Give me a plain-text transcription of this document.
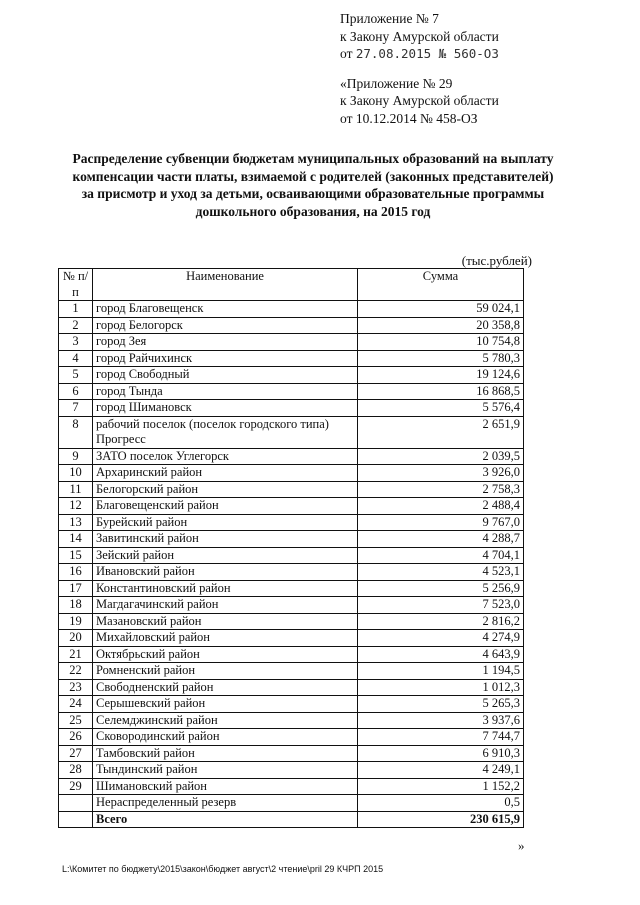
Приложение № 7
к Закону Амурской области
от 27.08.2015 № 560-ОЗ
«Приложение № 29
к Закону Амурской области
от 10.12.2014 № 458-ОЗ
Распределение субвенции бюджетам муниципальных образований на выплату компенсации части платы, взимаемой с родителей (законных представителей) за присмотр и уход за детьми, осваивающими образовательные программы дошкольного образования, на 2015 год
(тыс.рублей)
№ п/п	Наименование	Сумма
1	город Благовещенск	59 024,1
2	город Белогорск	20 358,8
3	город Зея	10 754,8
4	город Райчихинск	5 780,3
5	город Свободный	19 124,6
6	город Тында	16 868,5
7	город Шимановск	5 576,4
8	рабочий поселок (поселок городского типа) Прогресс	2 651,9
9	ЗАТО поселок Углегорск	2 039,5
10	Архаринский район	3 926,0
11	Белогорский район	2 758,3
12	Благовещенский район	2 488,4
13	Бурейский район	9 767,0
14	Завитинский район	4 288,7
15	Зейский район	4 704,1
16	Ивановский район	4 523,1
17	Константиновский район	5 256,9
18	Магдагачинский район	7 523,0
19	Мазановский район	2 816,2
20	Михайловский район	4 274,9
21	Октябрьский район	4 643,9
22	Ромненский район	1 194,5
23	Свободненский район	1 012,3
24	Серышевский район	5 265,3
25	Селемджинский район	3 937,6
26	Сковородинский район	7 744,7
27	Тамбовский район	6 910,3
28	Тындинский район	4 249,1
29	Шимановский район	1 152,2
	Нераспределенный резерв	0,5
	Всего	230 615,9
»
L:\Комитет по бюджету\2015\закон\бюджет август\2 чтение\pril 29 КЧРП 2015
